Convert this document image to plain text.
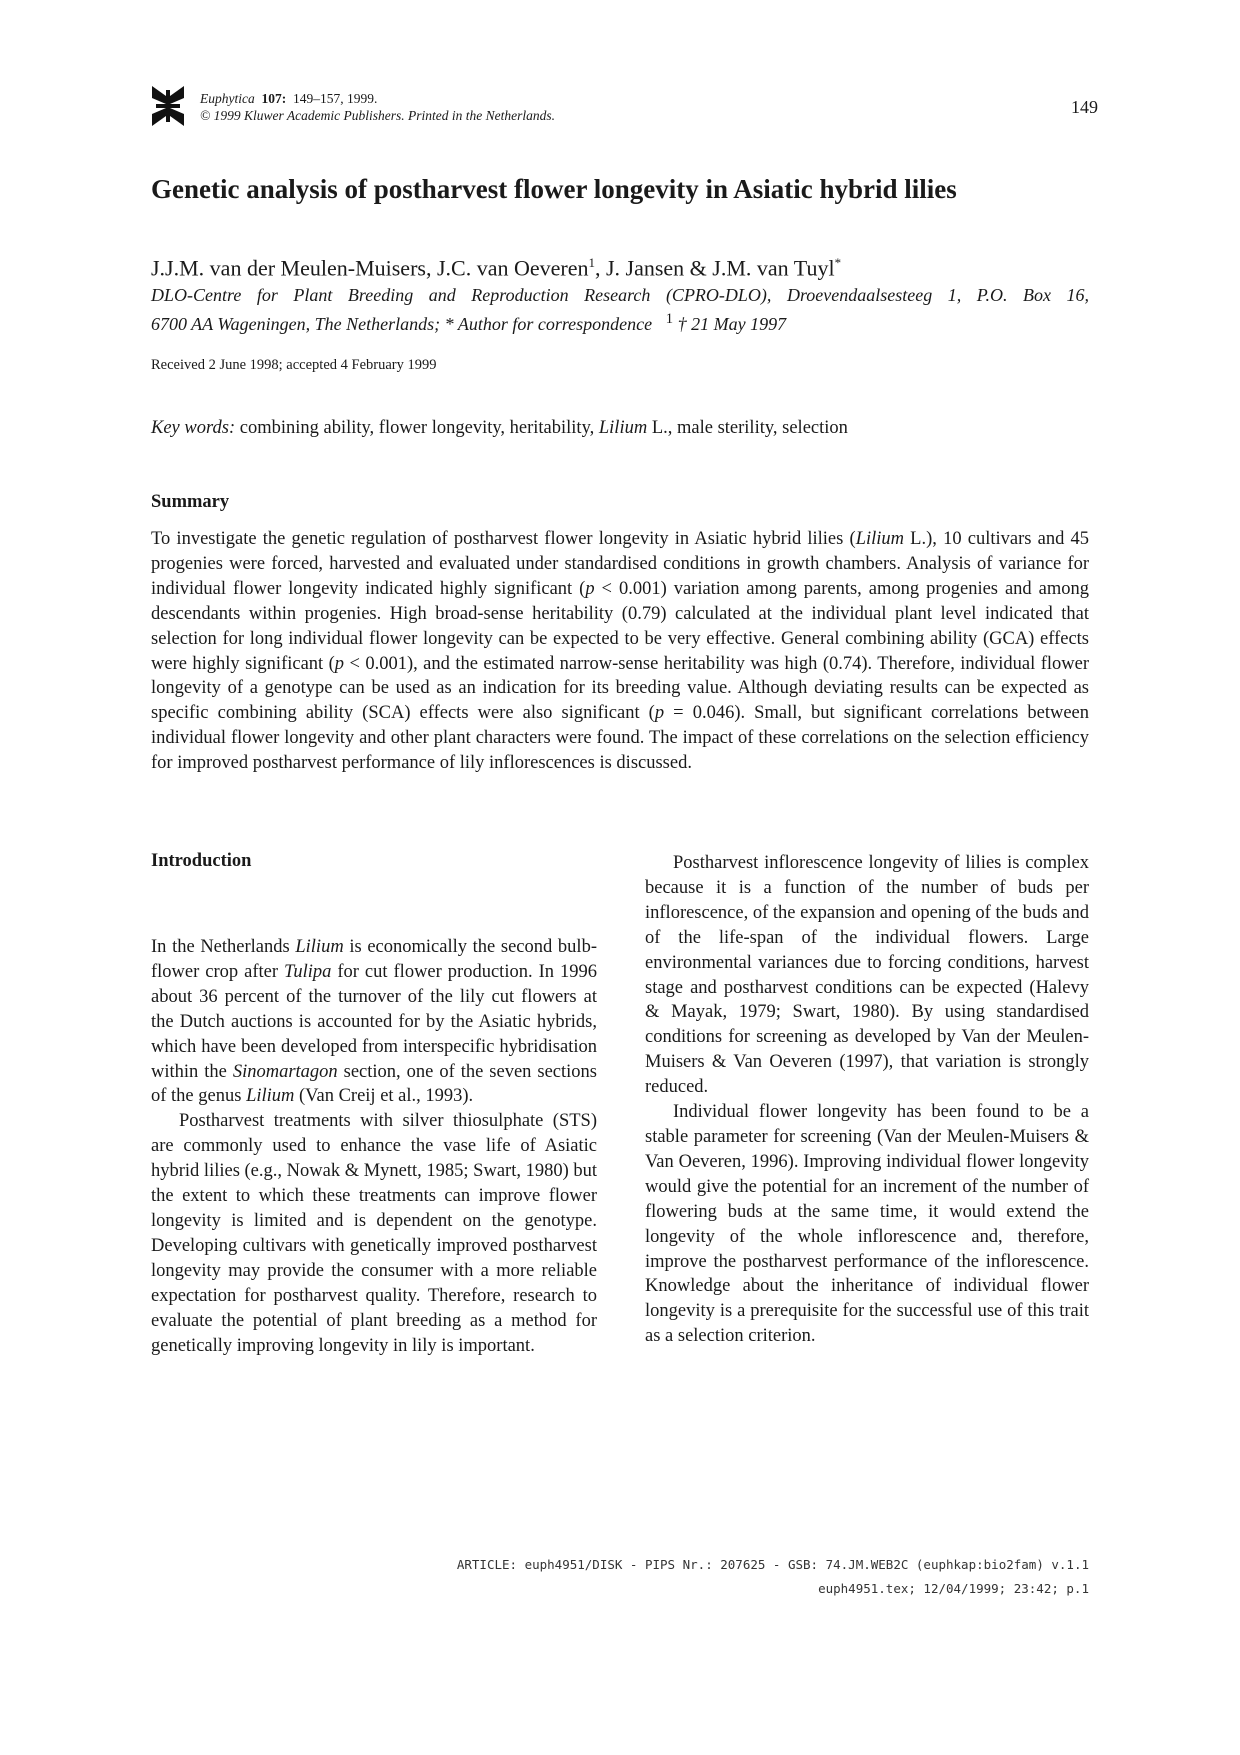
Euphytica 107: 149–157, 1999.
© 1999 Kluwer Academic Publishers. Printed in the Netherlands.	149
Genetic analysis of postharvest flower longevity in Asiatic hybrid lilies
J.J.M. van der Meulen-Muisers, J.C. van Oeveren$^1$, J. Jansen & J.M. van Tuyl*
DLO-Centre for Plant Breeding and Reproduction Research (CPRO-DLO), Droevendaalsesteeg 1, P.O. Box 16,
6700 AA Wageningen, The Netherlands; * Author for correspondence $^1$ † 21 May 1997
Received 2 June 1998; accepted 4 February 1999
Key words: combining ability, flower longevity, heritability, Lilium L., male sterility, selection
Summary

To investigate the genetic regulation of postharvest flower longevity in Asiatic hybrid lilies (Lilium L.), 10 cultivars and 45 progenies were forced, harvested and evaluated under standardised conditions in growth chambers. Analysis of variance for individual flower longevity indicated highly significant (p < 0.001) variation among parents, among progenies and among descendants within progenies. High broad-sense heritability (0.79) calculated at the individual plant level indicated that selection for long individual flower longevity can be expected to be very effective. General combining ability (GCA) effects were highly significant (p < 0.001), and the estimated narrow-sense heritability was high (0.74). Therefore, individual flower longevity of a genotype can be used as an indication for its breeding value. Although deviating results can be expected as specific combining ability (SCA) effects were also significant (p = 0.046). Small, but significant correlations between individual flower longevity and other plant characters were found. The impact of these correlations on the selection efficiency for improved postharvest performance of lily inflorescences is discussed.

Introduction

In the Netherlands Lilium is economically the second bulb-flower crop after Tulipa for cut flower production. In 1996 about 36 percent of the turnover of the lily cut flowers at the Dutch auctions is accounted for by the Asiatic hybrids, which have been developed from interspecific hybridisation within the Sinomartagon section, one of the seven sections of the genus Lilium (Van Creij et al., 1993).

Postharvest treatments with silver thiosulphate (STS) are commonly used to enhance the vase life of Asiatic hybrid lilies (e.g., Nowak & Mynett, 1985; Swart, 1980) but the extent to which these treatments can improve flower longevity is limited and is dependent on the genotype. Developing cultivars with genetically improved postharvest longevity may provide the consumer with a more reliable expectation for postharvest quality. Therefore, research to evaluate the potential of plant breeding as a method for genetically improving longevity in lily is important.

Postharvest inflorescence longevity of lilies is complex because it is a function of the number of buds per inflorescence, of the expansion and opening of the buds and of the life-span of the individual flowers. Large environmental variances due to forcing conditions, harvest stage and postharvest conditions can be expected (Halevy & Mayak, 1979; Swart, 1980). By using standardised conditions for screening as developed by Van der Meulen-Muisers & Van Oeveren (1997), that variation is strongly reduced.

Individual flower longevity has been found to be a stable parameter for screening (Van der Meulen-Muisers & Van Oeveren, 1996). Improving individual flower longevity would give the potential for an increment of the number of flowering buds at the same time, it would extend the longevity of the whole inflorescence and, therefore, improve the postharvest performance of the inflorescence. Knowledge about the inheritance of individual flower longevity is a prerequisite for the successful use of this trait as a selection criterion.

ARTICLE: euph4951/DISK - PIPS Nr.: 207625 - GSB: 74.JM.WEB2C (euphkap:bio2fam) v.1.1
euph4951.tex; 12/04/1999; 23:42; p.1
